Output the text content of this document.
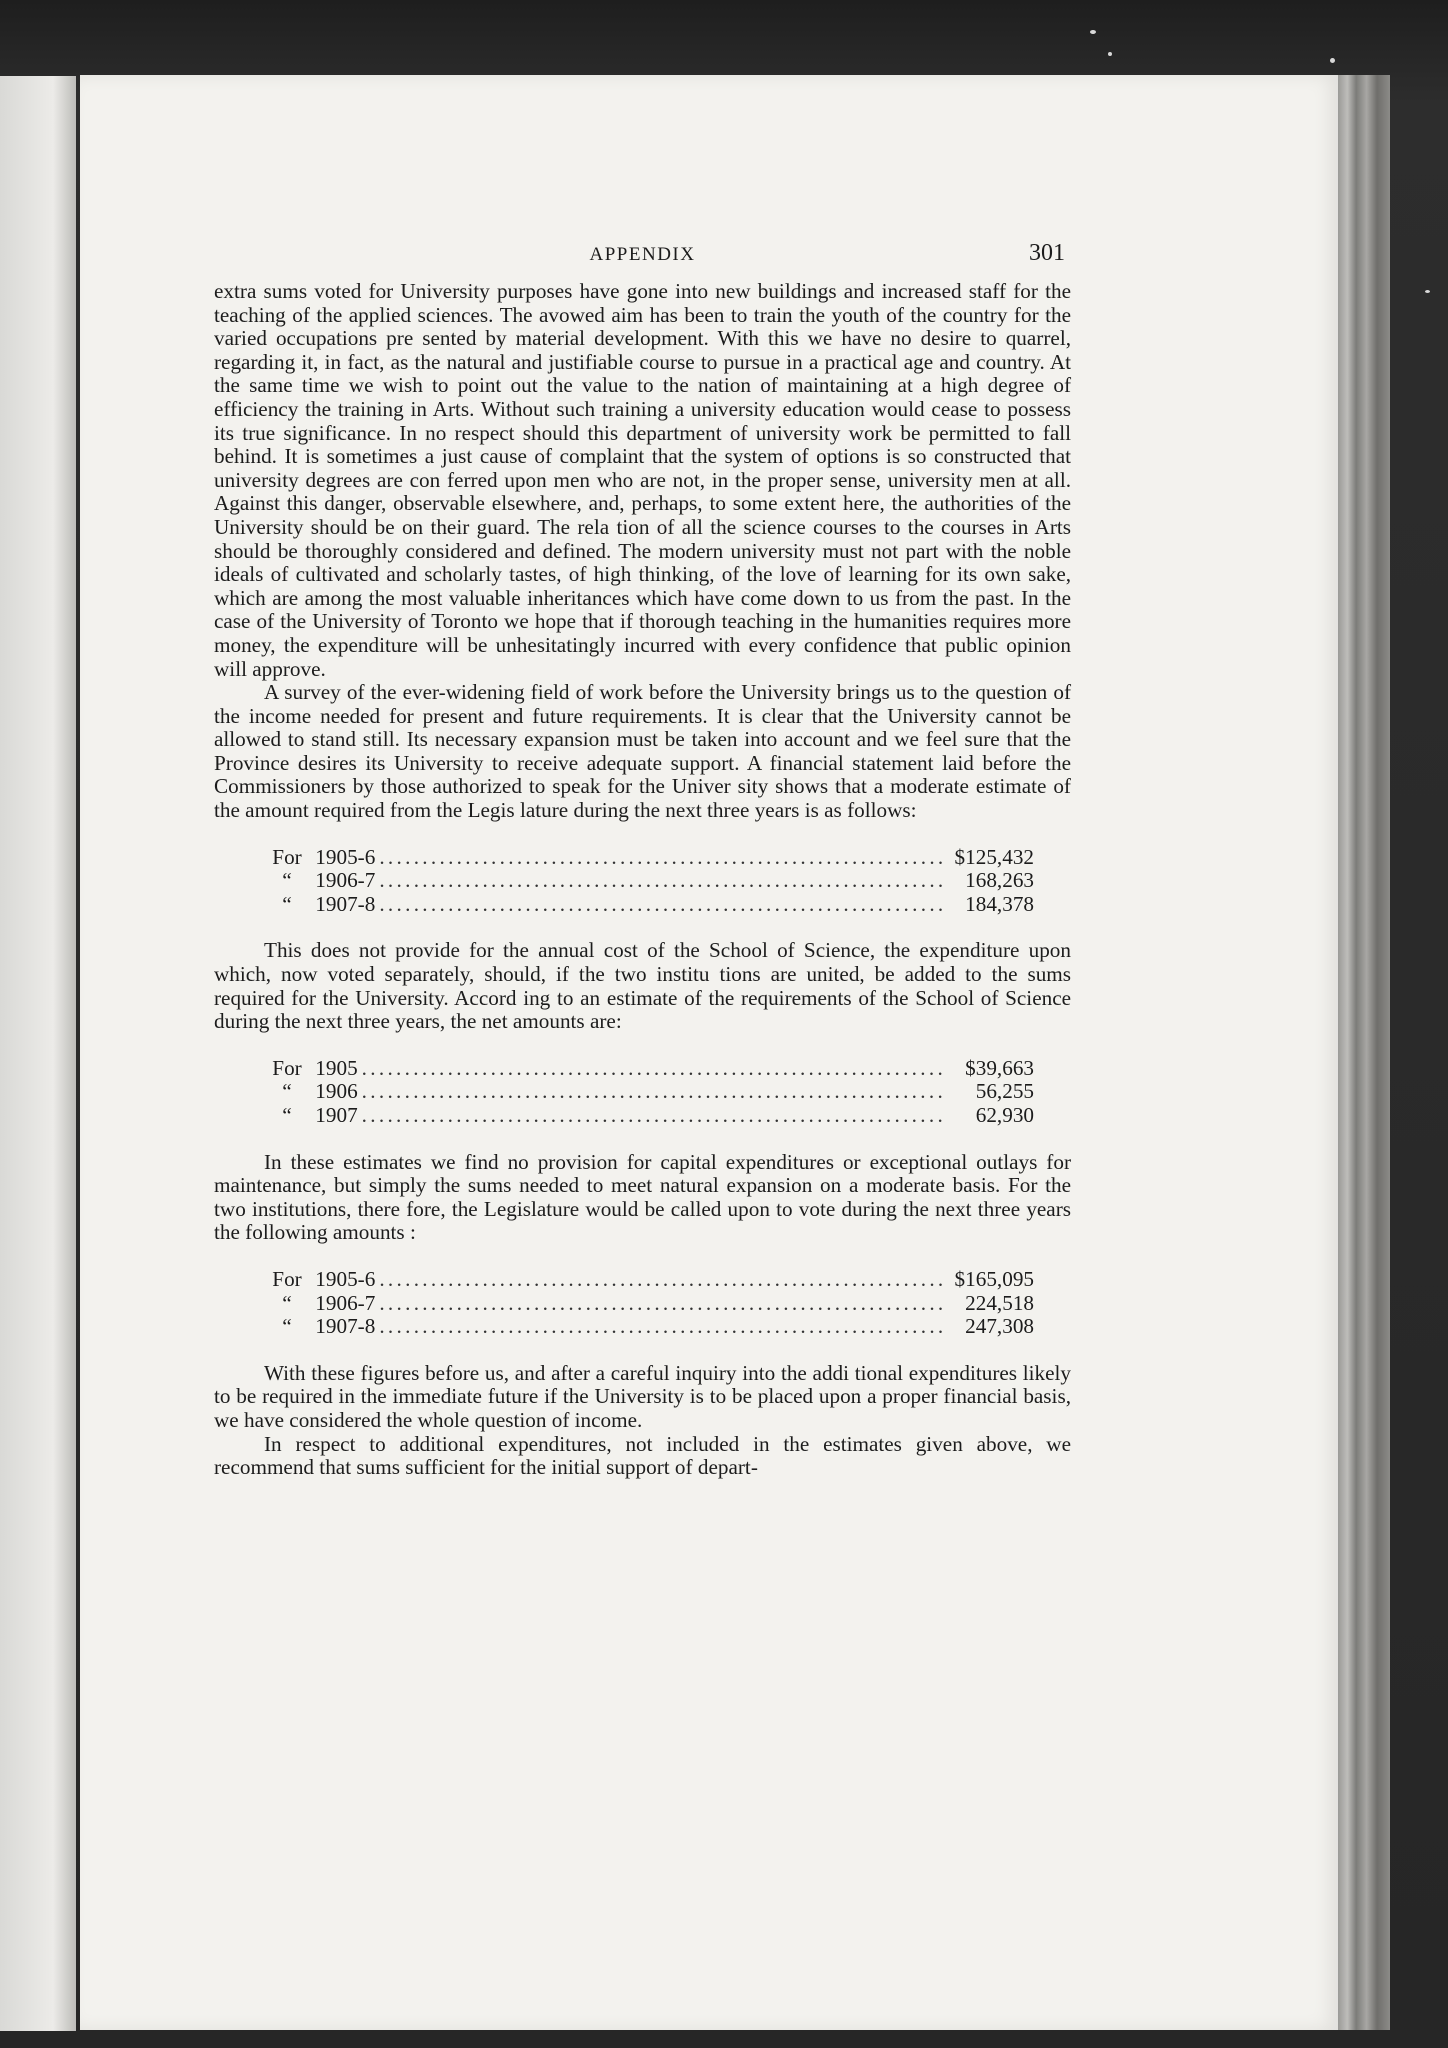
APPENDIX	301

extra sums voted for University purposes have gone into new buildings and increased staff for the teaching of the applied sciences. The avowed aim has been to train the youth of the country for the varied occupations pre sented by material development. With this we have no desire to quarrel, regarding it, in fact, as the natural and justifiable course to pursue in a practical age and country. At the same time we wish to point out the value to the nation of maintaining at a high degree of efficiency the training in Arts. Without such training a university education would cease to possess its true significance. In no respect should this department of university work be permitted to fall behind. It is sometimes a just cause of complaint that the system of options is so constructed that university degrees are con ferred upon men who are not, in the proper sense, university men at all. Against this danger, observable elsewhere, and, perhaps, to some extent here, the authorities of the University should be on their guard. The rela tion of all the science courses to the courses in Arts should be thoroughly considered and defined. The modern university must not part with the noble ideals of cultivated and scholarly tastes, of high thinking, of the love of learning for its own sake, which are among the most valuable inheritances which have come down to us from the past. In the case of the University of Toronto we hope that if thorough teaching in the humanities requires more money, the expenditure will be unhesitatingly incurred with every confidence that public opinion will approve.

A survey of the ever-widening field of work before the University brings us to the question of the income needed for present and future requirements. It is clear that the University cannot be allowed to stand still. Its necessary expansion must be taken into account and we feel sure that the Province desires its University to receive adequate support. A financial statement laid before the Commissioners by those authorized to speak for the Univer sity shows that a moderate estimate of the amount required from the Legis lature during the next three years is as follows:

For 1905-6 . . .	$125,432
“ 1906-7 . . .	168,263
“ 1907-8 . . .	184,378

This does not provide for the annual cost of the School of Science, the expenditure upon which, now voted separately, should, if the two institu tions are united, be added to the sums required for the University. Accord ing to an estimate of the requirements of the School of Science during the next three years, the net amounts are:

For 1905 . . .	$39,663
“ 1906 . . .	56,255
“ 1907 . . .	62,930

In these estimates we find no provision for capital expenditures or exceptional outlays for maintenance, but simply the sums needed to meet natural expansion on a moderate basis. For the two institutions, there fore, the Legislature would be called upon to vote during the next three years the following amounts :

For 1905-6 . . .	$165,095
“ 1906-7 . . .	224,518
“ 1907-8 . . .	247,308

With these figures before us, and after a careful inquiry into the addi tional expenditures likely to be required in the immediate future if the University is to be placed upon a proper financial basis, we have considered the whole question of income.

In respect to additional expenditures, not included in the estimates given above, we recommend that sums sufficient for the initial support of depart-
